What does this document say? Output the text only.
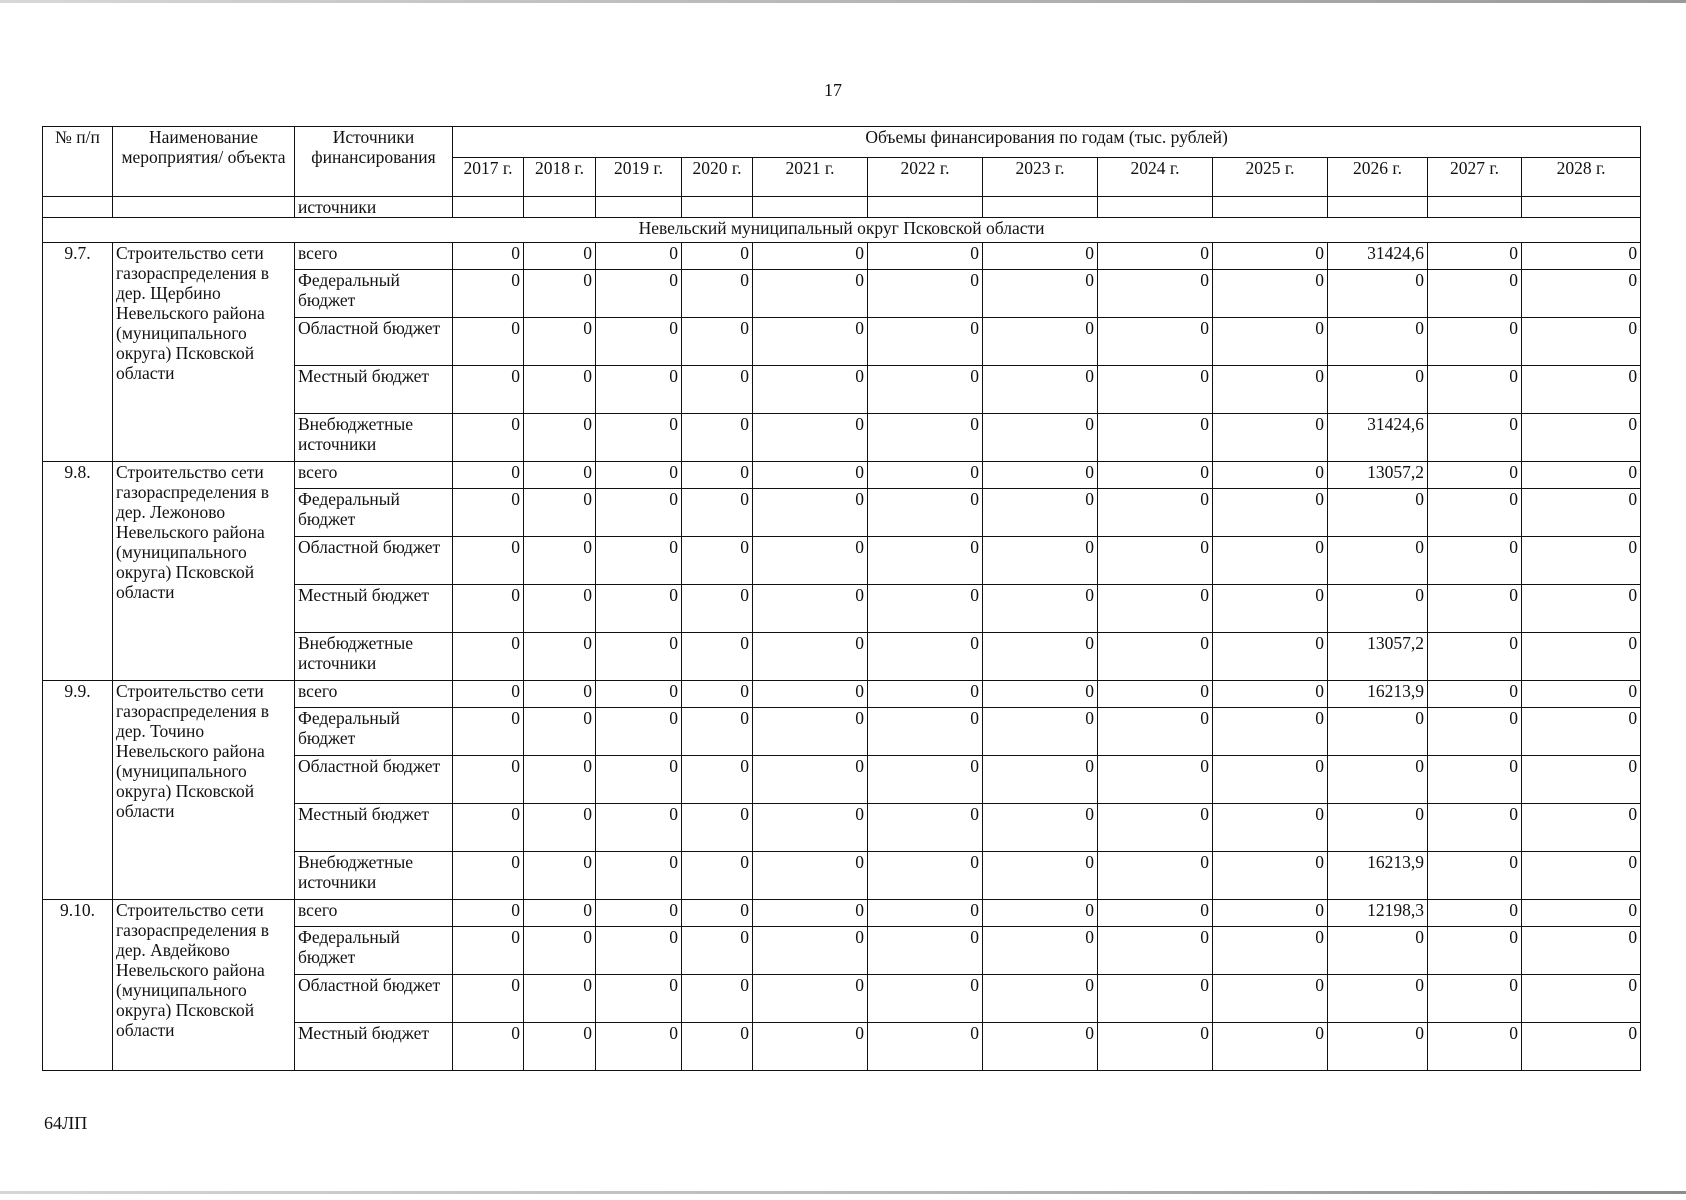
17
№ п/п	Наименование мероприятия/ объекта	Источники финансирования	Объемы финансирования по годам (тыс. рублей)											
			2017 г.	2018 г.	2019 г.	2020 г.	2021 г.	2022 г.	2023 г.	2024 г.	2025 г.	2026 г.	2027 г.	2028 г.
		источники												
Невельский муниципальный округ Псковской области														
9.7.	Строительство сети газораспределения в дер. Щербино Невельского района (муниципального округа) Псковской области	всего	0	0	0	0	0	0	0	0	0	31424,6	0	0
		Федеральный бюджет	0	0	0	0	0	0	0	0	0	0	0	0
		Областной бюджет	0	0	0	0	0	0	0	0	0	0	0	0
		Местный бюджет	0	0	0	0	0	0	0	0	0	0	0	0
		Внебюджетные источники	0	0	0	0	0	0	0	0	0	31424,6	0	0
9.8.	Строительство сети газораспределения в дер. Лежоново Невельского района (муниципального округа) Псковской области	всего	0	0	0	0	0	0	0	0	0	13057,2	0	0
		Федеральный бюджет	0	0	0	0	0	0	0	0	0	0	0	0
		Областной бюджет	0	0	0	0	0	0	0	0	0	0	0	0
		Местный бюджет	0	0	0	0	0	0	0	0	0	0	0	0
		Внебюджетные источники	0	0	0	0	0	0	0	0	0	13057,2	0	0
9.9.	Строительство сети газораспределения в дер. Точино Невельского района (муниципального округа) Псковской области	всего	0	0	0	0	0	0	0	0	0	16213,9	0	0
		Федеральный бюджет	0	0	0	0	0	0	0	0	0	0	0	0
		Областной бюджет	0	0	0	0	0	0	0	0	0	0	0	0
		Местный бюджет	0	0	0	0	0	0	0	0	0	0	0	0
		Внебюджетные источники	0	0	0	0	0	0	0	0	0	16213,9	0	0
9.10.	Строительство сети газораспределения в дер. Авдейково Невельского района (муниципального округа) Псковской области	всего	0	0	0	0	0	0	0	0	0	12198,3	0	0
		Федеральный бюджет	0	0	0	0	0	0	0	0	0	0	0	0
		Областной бюджет	0	0	0	0	0	0	0	0	0	0	0	0
		Местный бюджет	0	0	0	0	0	0	0	0	0	0	0	0
64ЛП
